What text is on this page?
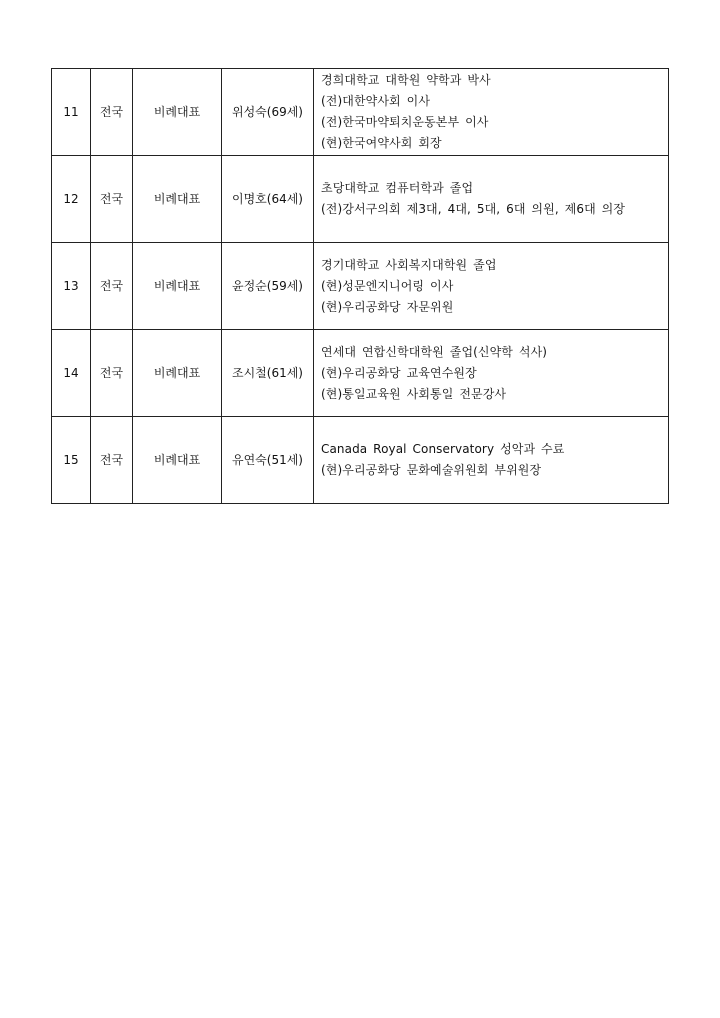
11	전국	비례대표	위성숙(69세)	경희대학교 대학원 약학과 박사
(전)대한약사회 이사
(전)한국마약퇴치운동본부 이사
(현)한국여약사회 회장

12	전국	비례대표	이명호(64세)	초당대학교 컴퓨터학과 졸업
(전)강서구의회 제3대, 4대, 5대, 6대 의원, 제6대 의장

13	전국	비례대표	윤정순(59세)	경기대학교 사회복지대학원 졸업
(현)성문엔지니어링 이사
(현)우리공화당 자문위원

14	전국	비례대표	조시철(61세)	연세대 연합신학대학원 졸업(신약학 석사)
(현)우리공화당 교육연수원장
(현)통일교육원 사회통일 전문강사

15	전국	비례대표	유연숙(51세)	Canada Royal Conservatory 성악과 수료
(현)우리공화당 문화예술위원회 부위원장
